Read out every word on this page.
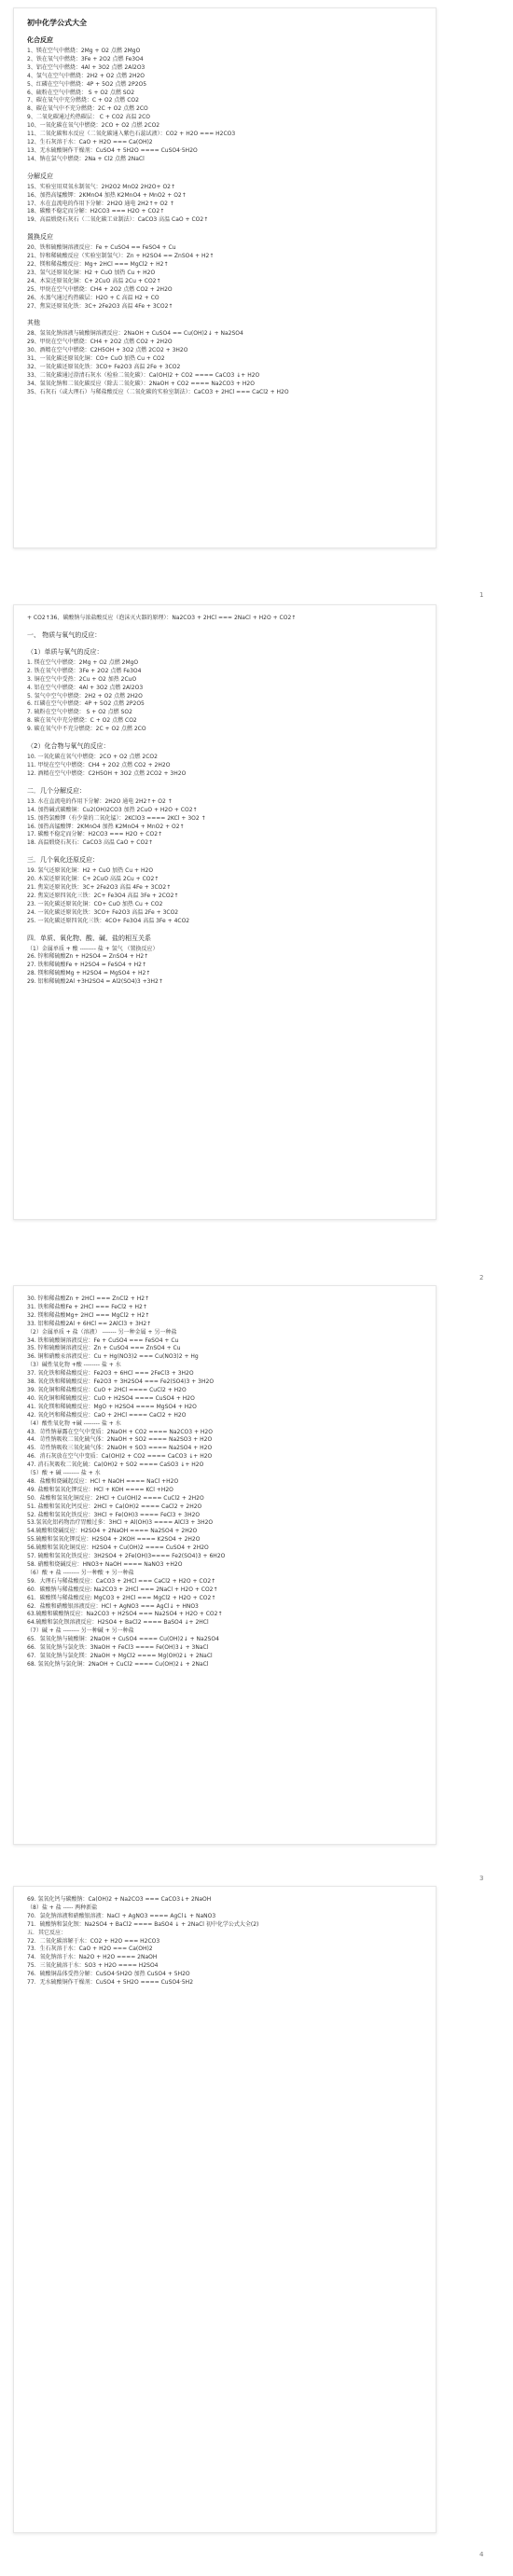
初中化学公式大全
化合反应
1、镁在空气中燃烧：2Mg + O2 点燃 2MgO
2、铁在氧气中燃烧：3Fe + 2O2 点燃 Fe3O4
3、铝在空气中燃烧：4Al + 3O2 点燃 2Al2O3
4、氢气在空气中燃烧：2H2 + O2 点燃 2H2O
5、红磷在空气中燃烧：4P + 5O2 点燃 2P2O5
6、硫粉在空气中燃烧： S + O2 点燃 SO2
7、碳在氧气中充分燃烧：C + O2 点燃 CO2
8、碳在氧气中不充分燃烧：2C + O2 点燃 2CO
9、二氧化碳通过灼热碳层： C + CO2 高温 2CO
10、一氧化碳在氧气中燃烧：2CO + O2 点燃 2CO2
11、二氧化碳和水反应（二氧化碳通入紫色石蕊试液）：CO2 + H2O === H2CO3
12、生石灰溶于水：CaO + H2O === Ca(OH)2
13、无水硫酸铜作干燥剂：CuSO4 + 5H2O ==== CuSO4·5H2O
14、钠在氯气中燃烧：2Na + Cl2 点燃 2NaCl
分解反应
15、实验室用双氧水制氧气：2H2O2 MnO2 2H2O+ O2↑
16、加热高锰酸钾：2KMnO4 加热 K2MnO4 + MnO2 + O2↑
17、水在直流电的作用下分解：2H2O 通电 2H2↑+ O2 ↑
18、碳酸不稳定而分解：H2CO3 === H2O + CO2↑
19、高温煅烧石灰石（二氧化碳工业制法）：CaCO3 高温 CaO + CO2↑
置换反应
20、铁和硫酸铜溶液反应：Fe + CuSO4 == FeSO4 + Cu
21、锌和稀硫酸反应（实验室制氢气）：Zn + H2SO4 == ZnSO4 + H2↑
22、镁和稀盐酸反应：Mg+ 2HCl === MgCl2 + H2↑
23、氢气还原氧化铜：H2 + CuO 加热 Cu + H2O
24、木炭还原氧化铜：C+ 2CuO 高温 2Cu + CO2↑
25、甲烷在空气中燃烧：CH4 + 2O2 点燃 CO2 + 2H2O
26、水蒸气通过灼热碳层：H2O + C 高温 H2 + CO
27、焦炭还原氧化铁：3C+ 2Fe2O3 高温 4Fe + 3CO2↑
其他
28、氢氧化钠溶液与硫酸铜溶液反应：2NaOH + CuSO4 == Cu(OH)2↓ + Na2SO4
29、甲烷在空气中燃烧：CH4 + 2O2 点燃 CO2 + 2H2O
30、酒精在空气中燃烧：C2H5OH + 3O2 点燃 2CO2 + 3H2O
31、一氧化碳还原氧化铜：CO+ CuO 加热 Cu + CO2
32、一氧化碳还原氧化铁：3CO+ Fe2O3 高温 2Fe + 3CO2
33、二氧化碳通过澄清石灰水（检验二氧化碳）：Ca(OH)2 + CO2 ==== CaCO3 ↓+ H2O
34、氢氧化钠和二氧化碳反应（除去二氧化碳）：2NaOH + CO2 ==== Na2CO3 + H2O
35、石灰石（或大理石）与稀盐酸反应（二氧化碳的实验室制法）：CaCO3 + 2HCl === CaCl2 + H2O
1
+ CO2↑36、碳酸钠与浓盐酸反应（泡沫灭火器的原理）：Na2CO3 + 2HCl === 2NaCl + H2O + CO2↑
一、 物质与氧气的反应：
（1）单质与氧气的反应：
1. 镁在空气中燃烧：2Mg + O2 点燃 2MgO
2. 铁在氧气中燃烧：3Fe + 2O2 点燃 Fe3O4
3. 铜在空气中受热：2Cu + O2 加热 2CuO
4. 铝在空气中燃烧：4Al + 3O2 点燃 2Al2O3
5. 氢气中空气中燃烧：2H2 + O2 点燃 2H2O
6. 红磷在空气中燃烧：4P + 5O2 点燃 2P2O5
7. 硫粉在空气中燃烧： S + O2 点燃 SO2
8. 碳在氧气中充分燃烧：C + O2 点燃 CO2
9. 碳在氧气中不充分燃烧：2C + O2 点燃 2CO
（2）化合物与氧气的反应：
10. 一氧化碳在氧气中燃烧：2CO + O2 点燃 2CO2
11. 甲烷在空气中燃烧：CH4 + 2O2 点燃 CO2 + 2H2O
12. 酒精在空气中燃烧：C2H5OH + 3O2 点燃 2CO2 + 3H2O
二．几个分解反应：
13. 水在直流电的作用下分解：2H2O 通电 2H2↑+ O2 ↑
14. 加热碱式碳酸铜：Cu2(OH)2CO3 加热 2CuO + H2O + CO2↑
15. 加热氯酸钾（有少量的二氧化锰）：2KClO3 ==== 2KCl + 3O2 ↑
16. 加热高锰酸钾：2KMnO4 加热 K2MnO4 + MnO2 + O2↑
17. 碳酸不稳定而分解：H2CO3 === H2O + CO2↑
18. 高温煅烧石灰石：CaCO3 高温 CaO + CO2↑
三．几个氧化还原反应：
19. 氢气还原氧化铜：H2 + CuO 加热 Cu + H2O
20. 木炭还原氧化铜：C+ 2CuO 高温 2Cu + CO2↑
21. 焦炭还原氧化铁：3C+ 2Fe2O3 高温 4Fe + 3CO2↑
22. 焦炭还原四氧化三铁：2C+ Fe3O4 高温 3Fe + 2CO2↑
23. 一氧化碳还原氧化铜：CO+ CuO 加热 Cu + CO2
24. 一氧化碳还原氧化铁：3CO+ Fe2O3 高温 2Fe + 3CO2
25. 一氧化碳还原四氧化三铁：4CO+ Fe3O4 高温 3Fe + 4CO2
四．单质、氧化物、酸、碱、盐的相互关系
（1）金属单质 + 酸 -------- 盐 + 氢气 （置换反应）
26. 锌和稀硫酸Zn + H2SO4 = ZnSO4 + H2↑
27. 铁和稀硫酸Fe + H2SO4 = FeSO4 + H2↑
28. 镁和稀硫酸Mg + H2SO4 = MgSO4 + H2↑
29. 铝和稀硫酸2Al +3H2SO4 = Al2(SO4)3 +3H2↑
2
30. 锌和稀盐酸Zn + 2HCl === ZnCl2 + H2↑
31. 铁和稀盐酸Fe + 2HCl === FeCl2 + H2↑
32. 镁和稀盐酸Mg+ 2HCl === MgCl2 + H2↑
33. 铝和稀盐酸2Al + 6HCl == 2AlCl3 + 3H2↑
（2）金属单质 + 盐（溶液） ------- 另一种金属 + 另一种盐
34. 铁和硫酸铜溶液反应：Fe + CuSO4 === FeSO4 + Cu
35. 锌和硫酸铜溶液反应：Zn + CuSO4 === ZnSO4 + Cu
36. 铜和硝酸汞溶液反应：Cu + Hg(NO3)2 === Cu(NO3)2 + Hg
（3）碱性氧化物 +酸 -------- 盐 + 水
37. 氧化铁和稀盐酸反应：Fe2O3 + 6HCl === 2FeCl3 + 3H2O
38. 氧化铁和稀硫酸反应：Fe2O3 + 3H2SO4 === Fe2(SO4)3 + 3H2O
39. 氧化铜和稀盐酸反应：CuO + 2HCl ==== CuCl2 + H2O
40. 氧化铜和稀硫酸反应：CuO + H2SO4 ==== CuSO4 + H2O
41. 氧化镁和稀硫酸反应：MgO + H2SO4 ==== MgSO4 + H2O
42. 氧化钙和稀盐酸反应：CaO + 2HCl ==== CaCl2 + H2O
（4）酸性氧化物 +碱 -------- 盐 + 水
43．苛性钠暴露在空气中变质：2NaOH + CO2 ==== Na2CO3 + H2O
44．苛性钠吸收二氧化硫气体：2NaOH + SO2 ==== Na2SO3 + H2O
45．苛性钠吸收三氧化硫气体：2NaOH + SO3 ==== Na2SO4 + H2O
46．消石灰放在空气中变质：Ca(OH)2 + CO2 ==== CaCO3 ↓+ H2O
47. 消石灰吸收二氧化硫：Ca(OH)2 + SO2 ==== CaSO3 ↓+ H2O
（5）酸 + 碱 -------- 盐 + 水
48．盐酸和烧碱起反应：HCl + NaOH ==== NaCl +H2O
49. 盐酸和氢氧化钾反应：HCl + KOH ==== KCl +H2O
50．盐酸和氢氧化铜反应：2HCl + Cu(OH)2 ==== CuCl2 + 2H2O
51. 盐酸和氢氧化钙反应：2HCl + Ca(OH)2 ==== CaCl2 + 2H2O
52. 盐酸和氢氧化铁反应：3HCl + Fe(OH)3 ==== FeCl3 + 3H2O
53.氢氧化铝药物治疗胃酸过多：3HCl + Al(OH)3 ==== AlCl3 + 3H2O
54.硫酸和烧碱反应：H2SO4 + 2NaOH ==== Na2SO4 + 2H2O
55.硫酸和氢氧化钾反应：H2SO4 + 2KOH ==== K2SO4 + 2H2O
56.硫酸和氢氧化铜反应：H2SO4 + Cu(OH)2 ==== CuSO4 + 2H2O
57. 硫酸和氢氧化铁反应：3H2SO4 + 2Fe(OH)3==== Fe2(SO4)3 + 6H2O
58. 硝酸和烧碱反应：HNO3+ NaOH ==== NaNO3 +H2O
（6）酸 + 盐 -------- 另一种酸 + 另一种盐
59．大理石与稀盐酸反应：CaCO3 + 2HCl === CaCl2 + H2O + CO2↑
60．碳酸钠与稀盐酸反应: Na2CO3 + 2HCl === 2NaCl + H2O + CO2↑
61．碳酸镁与稀盐酸反应: MgCO3 + 2HCl === MgCl2 + H2O + CO2↑
62．盐酸和硝酸银溶液反应：HCl + AgNO3 === AgCl↓ + HNO3
63.硫酸和碳酸钠反应：Na2CO3 + H2SO4 === Na2SO4 + H2O + CO2↑
64.硫酸和氯化钡溶液反应：H2SO4 + BaCl2 ==== BaSO4 ↓+ 2HCl
（7）碱 + 盐 -------- 另一种碱 + 另一种盐
65．氢氧化钠与硫酸铜：2NaOH + CuSO4 ==== Cu(OH)2↓ + Na2SO4
66．氢氧化钠与氯化铁：3NaOH + FeCl3 ==== Fe(OH)3↓ + 3NaCl
67．氢氧化钠与氯化镁：2NaOH + MgCl2 ==== Mg(OH)2↓ + 2NaCl
68. 氢氧化钠与氯化铜：2NaOH + CuCl2 ==== Cu(OH)2↓ + 2NaCl
3
69. 氢氧化钙与碳酸钠：Ca(OH)2 + Na2CO3 === CaCO3↓+ 2NaOH
（8）盐 + 盐 ----- 两种新盐
70．氯化钠溶液和硝酸银溶液：NaCl + AgNO3 ==== AgCl↓ + NaNO3
71．硫酸钠和氯化钡：Na2SO4 + BaCl2 ==== BaSO4 ↓ + 2NaCl 初中化学公式大全(2)
五．其它反应：
72．二氧化碳溶解于水：CO2 + H2O === H2CO3
73．生石灰溶于水：CaO + H2O === Ca(OH)2
74．氧化钠溶于水：Na2O + H2O ==== 2NaOH
75．三氧化硫溶于水：SO3 + H2O ==== H2SO4
76．硫酸铜晶体受热分解：CuSO4·5H2O 加热 CuSO4 + 5H2O
77．无水硫酸铜作干燥剂：CuSO4 + 5H2O ==== CuSO4·5H2
4
